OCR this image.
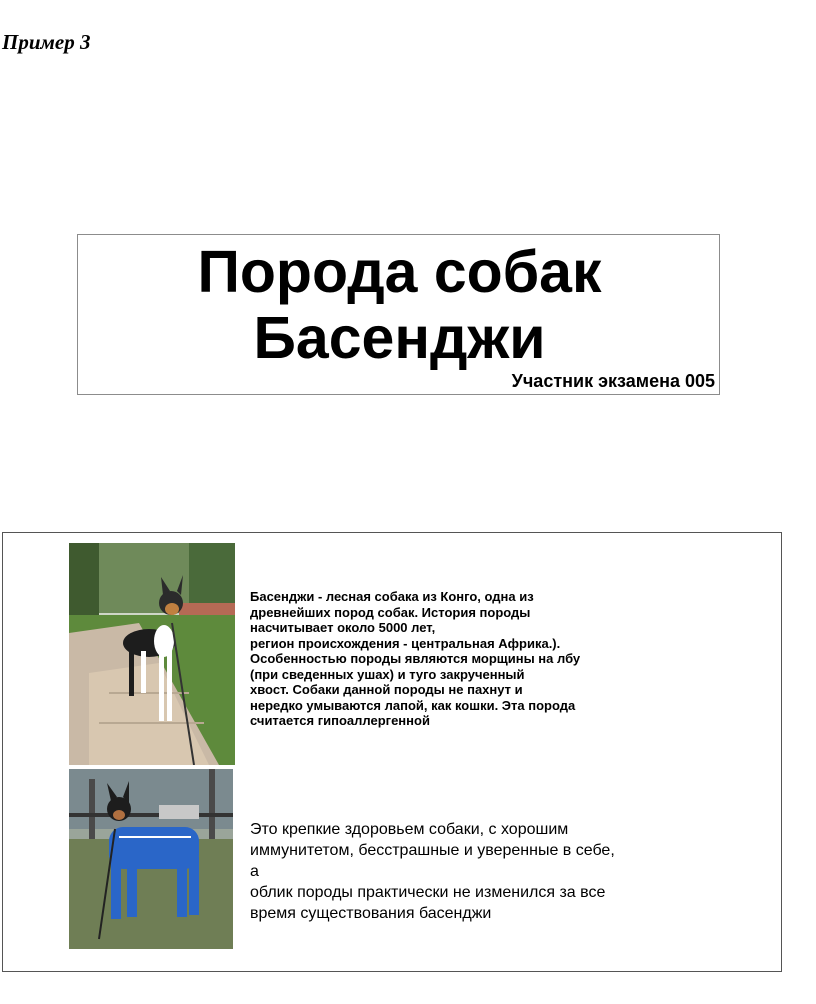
Пример 3
Порода собак
Басенджи
Участник экзамена 005
Басенджи - лесная собака из Конго, одна из
древнейших пород собак. История породы
насчитывает около 5000 лет,
регион происхождения - центральная Африка.).
Особенностью породы являются морщины на лбу
(при сведенных ушах) и туго закрученный
хвост. Собаки данной породы не пахнут и
нередко умываются лапой, как кошки. Эта порода
считается гипоаллергенной
Это крепкие здоровьем собаки, с хорошим
иммунитетом, бесстрашные и уверенные в себе,
а
облик породы практически не изменился за все
время существования басенджи
